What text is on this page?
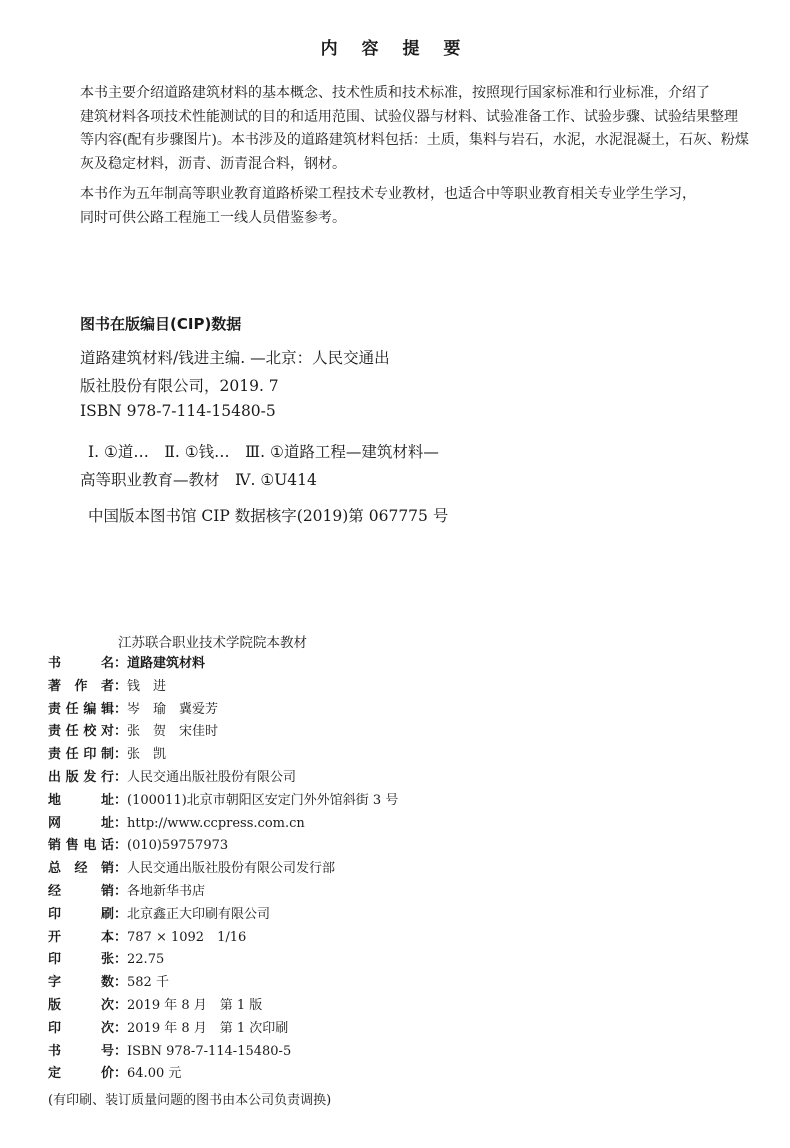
内 容 提 要
本书主要介绍道路建筑材料的基本概念、技术性质和技术标准，按照现行国家标准和行业标准，介绍了
建筑材料各项技术性能测试的目的和适用范围、试验仪器与材料、试验准备工作、试验步骤、试验结果整理
等内容(配有步骤图片)。本书涉及的道路建筑材料包括：土质，集料与岩石，水泥，水泥混凝土，石灰、粉煤
灰及稳定材料，沥青、沥青混合料，钢材。
本书作为五年制高等职业教育道路桥梁工程技术专业教材，也适合中等职业教育相关专业学生学习，
同时可供公路工程施工一线人员借鉴参考。
图书在版编目(CIP)数据
道路建筑材料/钱进主编. —北京：人民交通出
版社股份有限公司，2019. 7
ISBN 978-7-114-15480-5
Ⅰ. ①道…　Ⅱ. ①钱…　Ⅲ. ①道路工程—建筑材料—
高等职业教育—教材　Ⅳ. ①U414
中国版本图书馆 CIP 数据核字(2019)第 067775 号
江苏联合职业技术学院院本教材
书名 ： 道路建筑材料
著作者 ： 钱　进
责任编辑 ： 岑　瑜　冀爱芳
责任校对 ： 张　贺　宋佳时
责任印制 ： 张　凯
出版发行 ： 人民交通出版社股份有限公司
地址 ： (100011)北京市朝阳区安定门外外馆斜街 3 号
网址 ： http://www.ccpress.com.cn
销售电话 ： (010)59757973
总经销 ： 人民交通出版社股份有限公司发行部
经销 ： 各地新华书店
印刷 ： 北京鑫正大印刷有限公司
开本 ： 787 × 1092　1/16
印张 ： 22.75
字数 ： 582 千
版次 ： 2019 年 8 月　第 1 版
印次 ： 2019 年 8 月　第 1 次印刷
书号 ： ISBN 978-7-114-15480-5
定价 ： 64.00 元
(有印刷、装订质量问题的图书由本公司负责调换)
